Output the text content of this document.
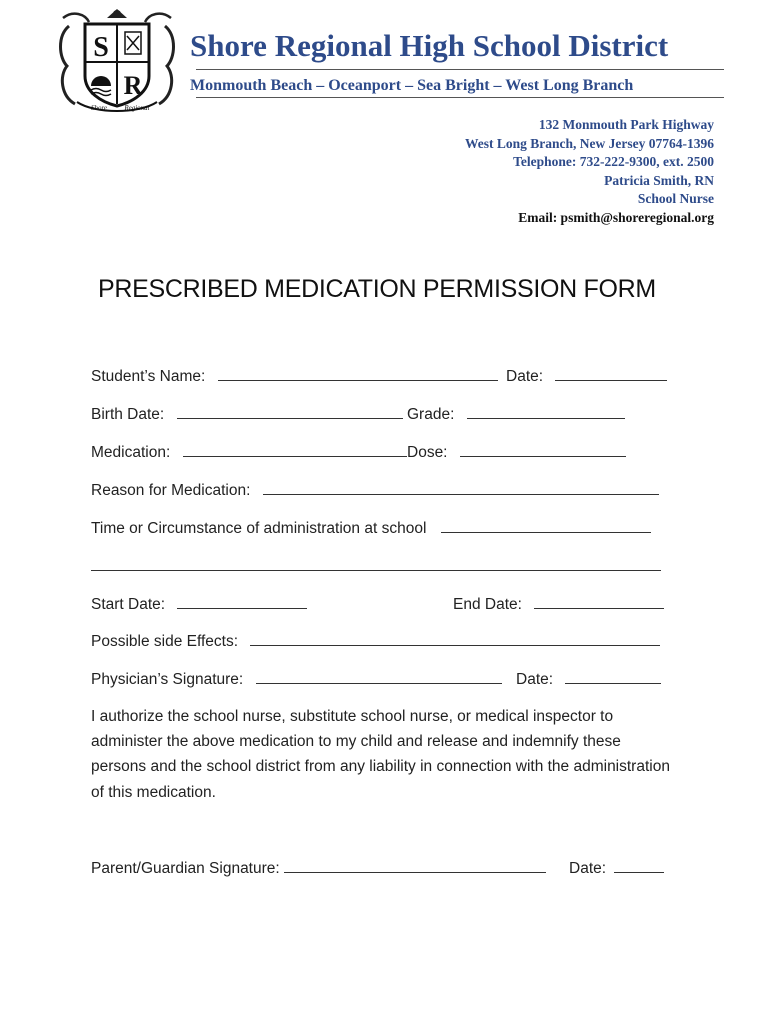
S
R
Shore Regional
Shore Regional High School District
Monmouth Beach – Oceanport – Sea Bright – West Long Branch
132 Monmouth Park Highway
West Long Branch, New Jersey 07764-1396
Telephone: 732-222-9300, ext. 2500
Patricia Smith, RN
School Nurse
Email: psmith@shoreregional.org
PRESCRIBED MEDICATION PERMISSION FORM
Student’s Name:	Date:
Birth Date:	Grade:
Medication:	Dose:
Reason for Medication:
Time or Circumstance of administration at school
Start Date:	End Date:
Possible side Effects:
Physician’s Signature:	Date:
I authorize the school nurse, substitute school nurse, or medical inspector to administer the above medication to my child and release and indemnify these persons and the school district from any liability in connection with the administration of this medication.
Parent/Guardian Signature:	Date:
